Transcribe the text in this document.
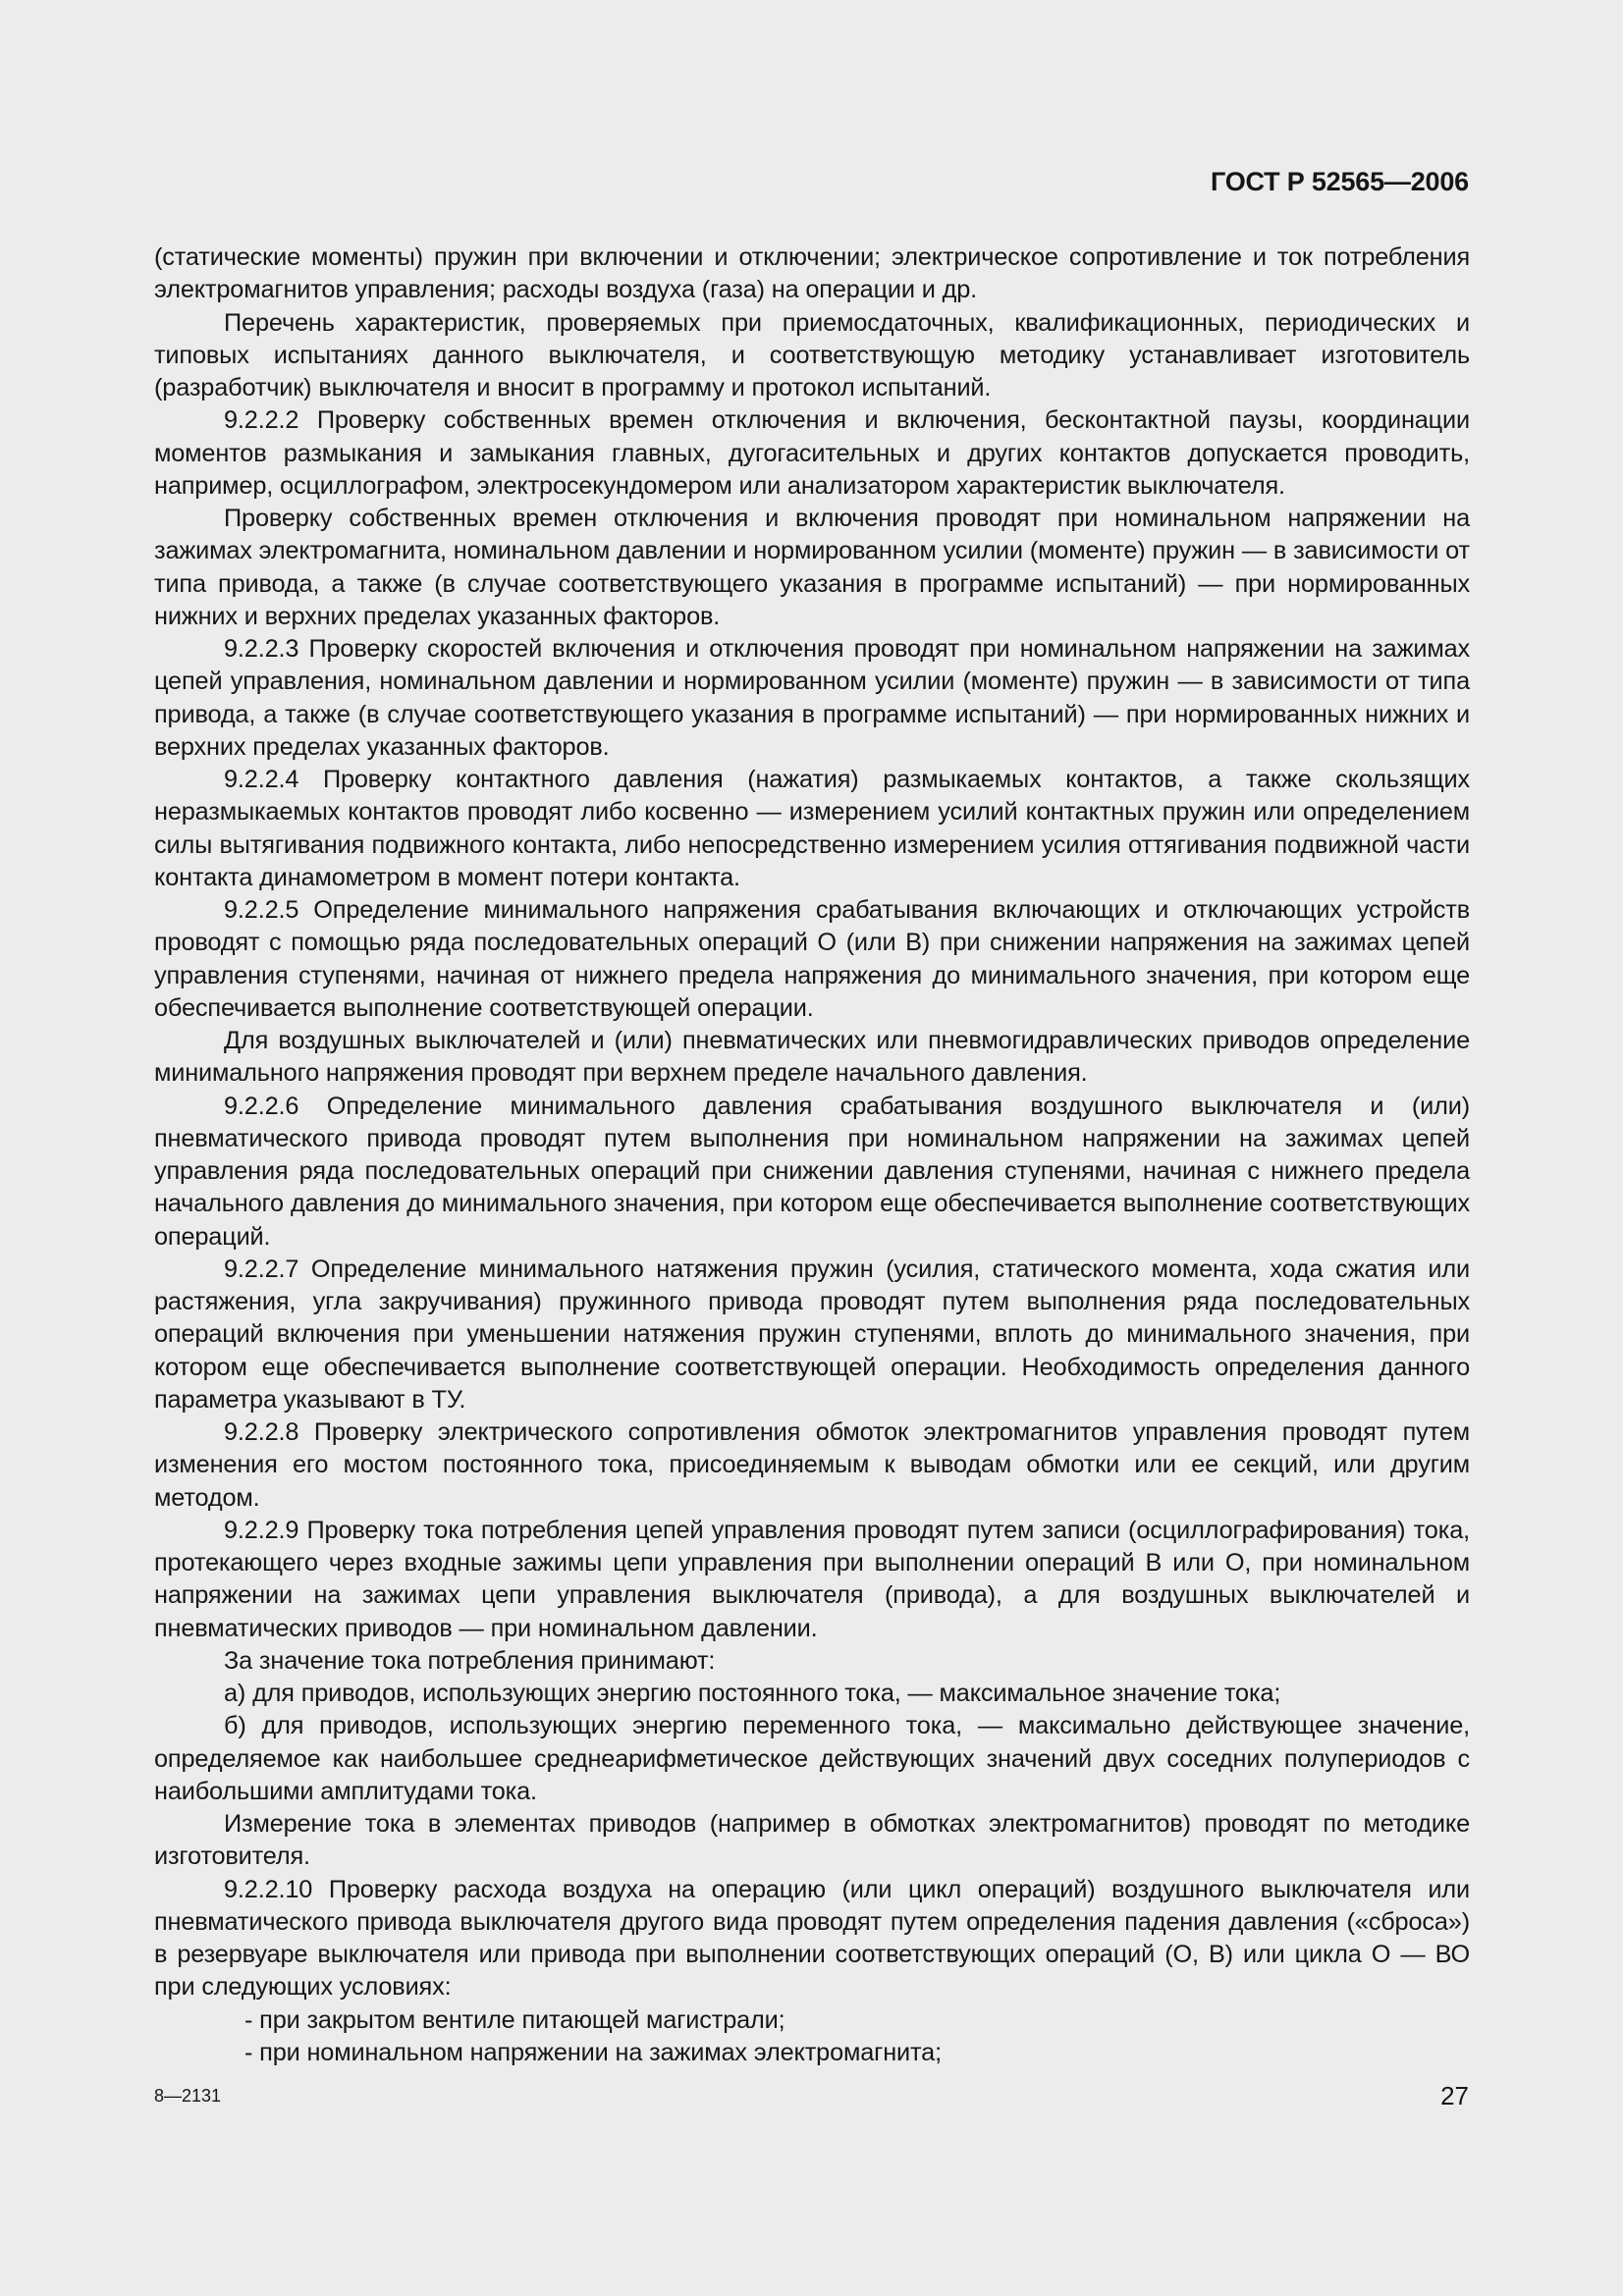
ГОСТ Р 52565—2006

(статические моменты) пружин при включении и отключении; электрическое сопротивление и ток потребления электромагнитов управления; расходы воздуха (газа) на операции и др.

Перечень характеристик, проверяемых при приемосдаточных, квалификационных, периодических и типовых испытаниях данного выключателя, и соответствующую методику устанавливает изготовитель (разработчик) выключателя и вносит в программу и протокол испытаний.

9.2.2.2 Проверку собственных времен отключения и включения, бесконтактной паузы, координации моментов размыкания и замыкания главных, дугогасительных и других контактов допускается проводить, например, осциллографом, электросекундомером или анализатором характеристик выключателя.

Проверку собственных времен отключения и включения проводят при номинальном напряжении на зажимах электромагнита, номинальном давлении и нормированном усилии (моменте) пружин — в зависимости от типа привода, а также (в случае соответствующего указания в программе испытаний) — при нормированных нижних и верхних пределах указанных факторов.

9.2.2.3 Проверку скоростей включения и отключения проводят при номинальном напряжении на зажимах цепей управления, номинальном давлении и нормированном усилии (моменте) пружин — в зависимости от типа привода, а также (в случае соответствующего указания в программе испытаний) — при нормированных нижних и верхних пределах указанных факторов.

9.2.2.4 Проверку контактного давления (нажатия) размыкаемых контактов, а также скользящих неразмыкаемых контактов проводят либо косвенно — измерением усилий контактных пружин или определением силы вытягивания подвижного контакта, либо непосредственно измерением усилия оттягивания подвижной части контакта динамометром в момент потери контакта.

9.2.2.5 Определение минимального напряжения срабатывания включающих и отключающих устройств проводят с помощью ряда последовательных операций О (или В) при снижении напряжения на зажимах цепей управления ступенями, начиная от нижнего предела напряжения до минимального значения, при котором еще обеспечивается выполнение соответствующей операции.

Для воздушных выключателей и (или) пневматических или пневмогидравлических приводов определение минимального напряжения проводят при верхнем пределе начального давления.

9.2.2.6 Определение минимального давления срабатывания воздушного выключателя и (или) пневматического привода проводят путем выполнения при номинальном напряжении на зажимах цепей управления ряда последовательных операций при снижении давления ступенями, начиная с нижнего предела начального давления до минимального значения, при котором еще обеспечивается выполнение соответствующих операций.

9.2.2.7 Определение минимального натяжения пружин (усилия, статического момента, хода сжатия или растяжения, угла закручивания) пружинного привода проводят путем выполнения ряда последовательных операций включения при уменьшении натяжения пружин ступенями, вплоть до минимального значения, при котором еще обеспечивается выполнение соответствующей операции. Необходимость определения данного параметра указывают в ТУ.

9.2.2.8 Проверку электрического сопротивления обмоток электромагнитов управления проводят путем изменения его мостом постоянного тока, присоединяемым к выводам обмотки или ее секций, или другим методом.

9.2.2.9 Проверку тока потребления цепей управления проводят путем записи (осциллографирования) тока, протекающего через входные зажимы цепи управления при выполнении операций В или О, при номинальном напряжении на зажимах цепи управления выключателя (привода), а для воздушных выключателей и пневматических приводов — при номинальном давлении.

За значение тока потребления принимают:

а) для приводов, использующих энергию постоянного тока, — максимальное значение тока;

б) для приводов, использующих энергию переменного тока, — максимально действующее значение, определяемое как наибольшее среднеарифметическое действующих значений двух соседних полупериодов с наибольшими амплитудами тока.

Измерение тока в элементах приводов (например в обмотках электромагнитов) проводят по методике изготовителя.

9.2.2.10 Проверку расхода воздуха на операцию (или цикл операций) воздушного выключателя или пневматического привода выключателя другого вида проводят путем определения падения давления («сброса») в резервуаре выключателя или привода при выполнении соответствующих операций (О, В) или цикла О — ВО при следующих условиях:

- при закрытом вентиле питающей магистрали;

- при номинальном напряжении на зажимах электромагнита;

8—2131	27
